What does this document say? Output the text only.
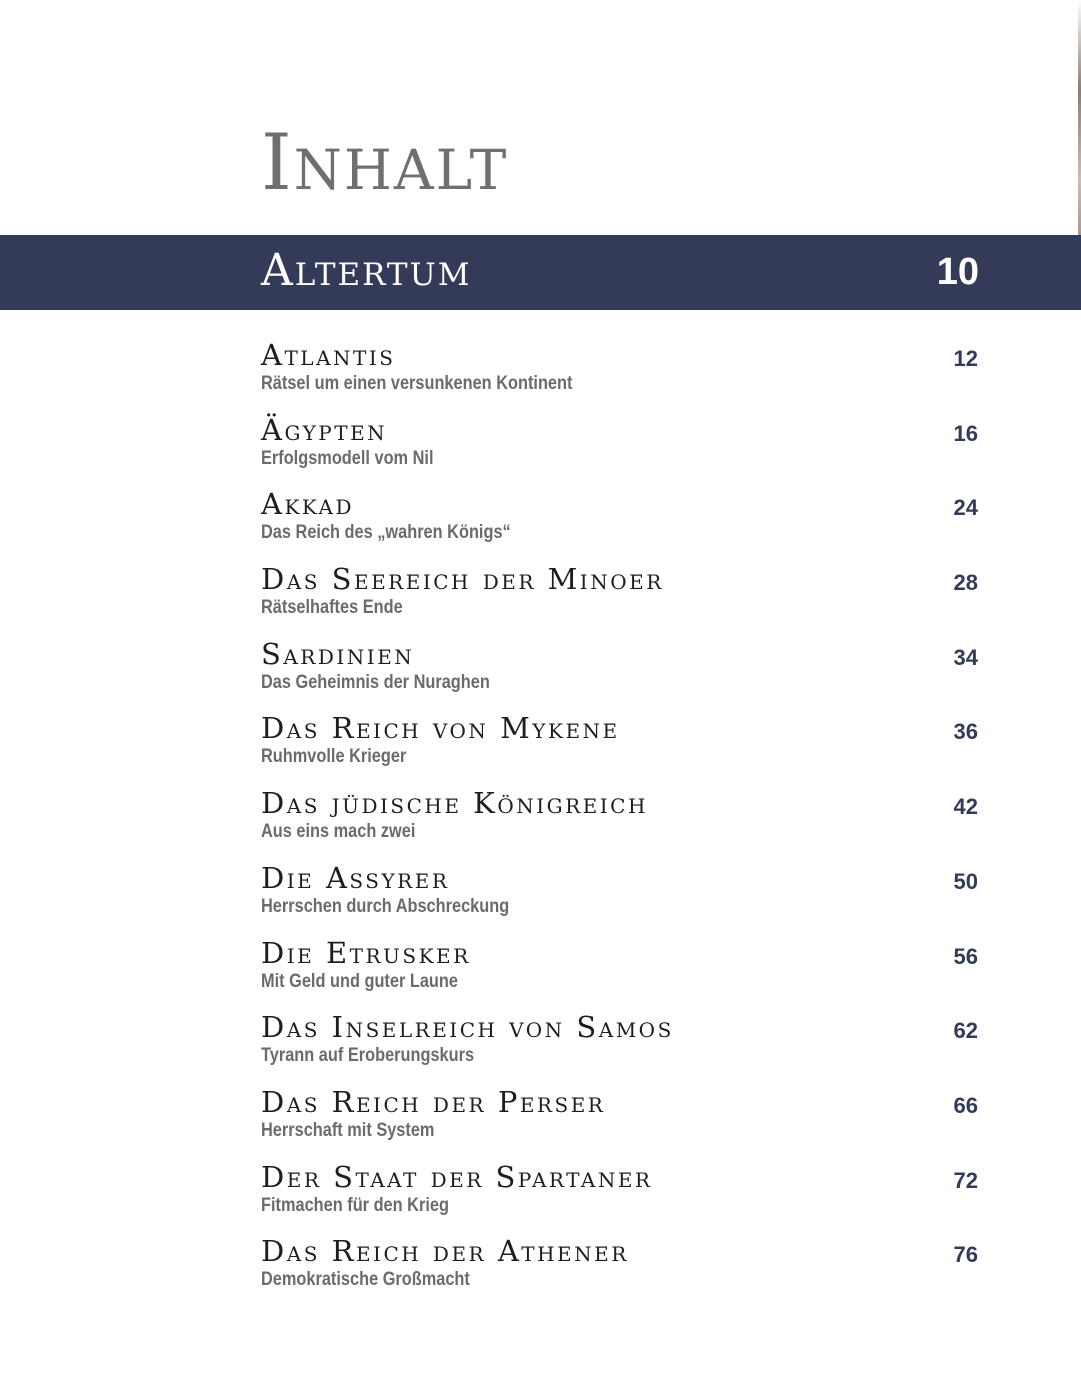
Inhalt
Altertum	10
Atlantis
Rätsel um einen versunkenen Kontinent
12
Ägypten
Erfolgsmodell vom Nil
16
Akkad
Das Reich des „wahren Königs“
24
Das Seereich der Minoer
Rätselhaftes Ende
28
Sardinien
Das Geheimnis der Nuraghen
34
Das Reich von Mykene
Ruhmvolle Krieger
36
Das jüdische Königreich
Aus eins mach zwei
42
Die Assyrer
Herrschen durch Abschreckung
50
Die Etrusker
Mit Geld und guter Laune
56
Das Inselreich von Samos
Tyrann auf Eroberungskurs
62
Das Reich der Perser
Herrschaft mit System
66
Der Staat der Spartaner
Fitmachen für den Krieg
72
Das Reich der Athener
Demokratische Großmacht
76
